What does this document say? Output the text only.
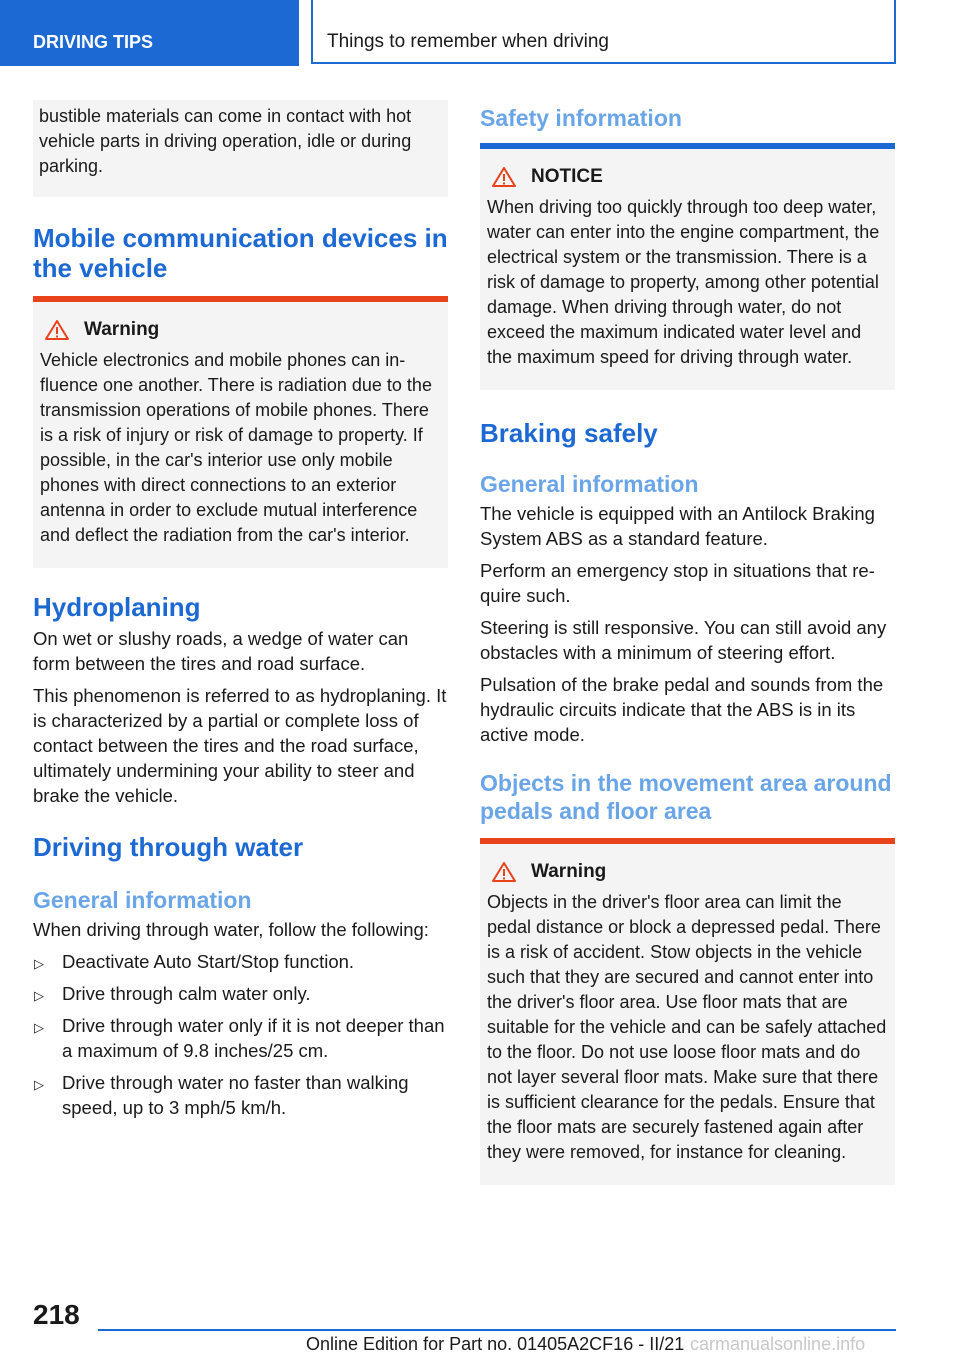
DRIVING TIPS	Things to remember when driving

bustible materials can come in contact with hot vehicle parts in driving operation, idle or during parking.

Mobile communication devices in the vehicle
Warning

Vehicle electronics and mobile phones can influence one another. There is radiation due to the transmission operations of mobile phones. There is a risk of injury or risk of damage to property. If possible, in the car's interior use only mobile phones with direct connections to an exterior antenna in order to exclude mutual interference and deflect the radiation from the car's interior.

Hydroplaning

On wet or slushy roads, a wedge of water can form between the tires and road surface.

This phenomenon is referred to as hydroplaning. It is characterized by a partial or complete loss of contact between the tires and the road surface, ultimately undermining your ability to steer and brake the vehicle.

Driving through water
General information

When driving through water, follow the following:

▷ Deactivate Auto Start/Stop function.
▷ Drive through calm water only.
▷ Drive through water only if it is not deeper than a maximum of 9.8 inches/25 cm.
▷ Drive through water no faster than walking speed, up to 3 mph/5 km/h.
Safety information
NOTICE

When driving too quickly through too deep water, water can enter into the engine compartment, the electrical system or the transmission. There is a risk of damage to property, among other potential damage. When driving through water, do not exceed the maximum indicated water level and the maximum speed for driving through water.

Braking safely
General information

The vehicle is equipped with an Antilock Braking System ABS as a standard feature.

Perform an emergency stop in situations that require such.

Steering is still responsive. You can still avoid any obstacles with a minimum of steering effort.

Pulsation of the brake pedal and sounds from the hydraulic circuits indicate that the ABS is in its active mode.

Objects in the movement area around pedals and floor area
Warning

Objects in the driver's floor area can limit the pedal distance or block a depressed pedal. There is a risk of accident. Stow objects in the vehicle such that they are secured and cannot enter into the driver's floor area. Use floor mats that are suitable for the vehicle and can be safely attached to the floor. Do not use loose floor mats and do not layer several floor mats. Make sure that there is sufficient clearance for the pedals. Ensure that the floor mats are securely fastened again after they were removed, for instance for cleaning.

218
Online Edition for Part no. 01405A2CF16 - II/21 carmanualsonline.info
